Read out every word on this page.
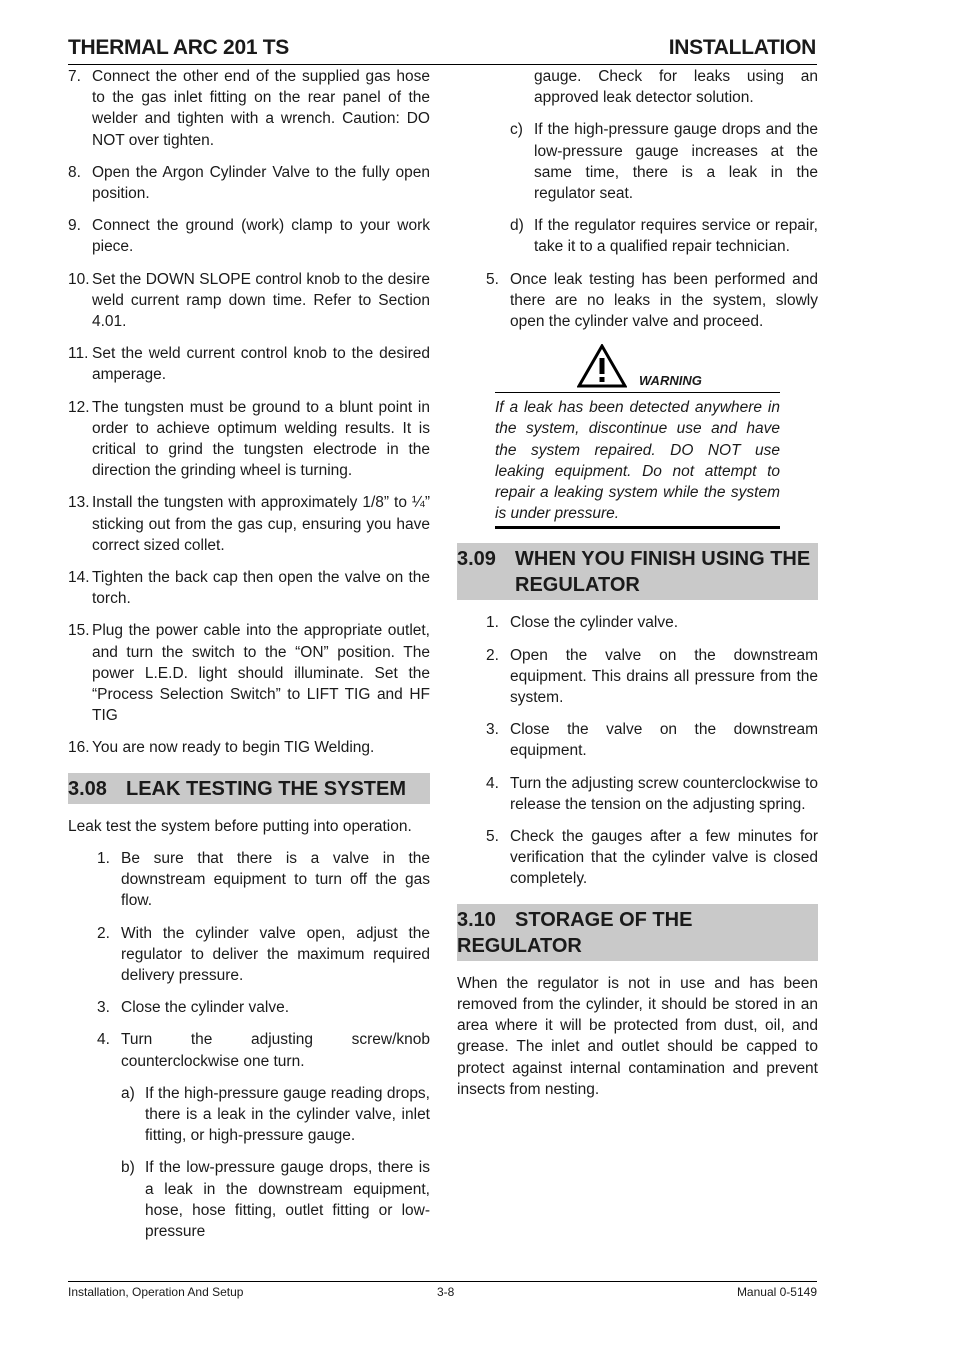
THERMAL ARC 201 TS	INSTALLATION
7. Connect the other end of the supplied gas hose to the gas inlet fitting on the rear panel of the welder and tighten with a wrench. Caution: DO NOT over tighten.
8. Open the Argon Cylinder Valve to the fully open position.
9. Connect the ground (work) clamp to your work piece.
10. Set the DOWN SLOPE control knob to the desire weld current ramp down time. Refer to Section 4.01.
11. Set the weld current control knob to the desired amperage.
12. The tungsten must be ground to a blunt point in order to achieve optimum welding results. It is critical to grind the tungsten electrode in the direction the grinding wheel is turning.
13. Install the tungsten with approximately 1/8” to ¼” sticking out from the gas cup, ensuring you have correct sized collet.
14. Tighten the back cap then open the valve on the torch.
15. Plug the power cable into the appropriate outlet, and turn the switch to the “ON” position. The power L.E.D. light should illuminate. Set the “Process Selection Switch” to LIFT TIG and HF TIG
16. You are now ready to begin TIG Welding.
3.08 LEAK TESTING THE SYSTEM
Leak test the system before putting into operation.
1. Be sure that there is a valve in the downstream equipment to turn off the gas flow.
2. With the cylinder valve open, adjust the regulator to deliver the maximum required delivery pressure.
3. Close the cylinder valve.
4. Turn the adjusting screw/knob counterclockwise one turn.
a) If the high-pressure gauge reading drops, there is a leak in the cylinder valve, inlet fitting, or high-pressure gauge.
b) If the low-pressure gauge drops, there is a leak in the downstream equipment, hose, hose fitting, outlet fitting or low-pressure
gauge. Check for leaks using an approved leak detector solution.
c) If the high-pressure gauge drops and the low-pressure gauge increases at the same time, there is a leak in the regulator seat.
d) If the regulator requires service or repair, take it to a qualified repair technician.
5. Once leak testing has been performed and there are no leaks in the system, slowly open the cylinder valve and proceed.
WARNING
If a leak has been detected anywhere in the system, discontinue use and have the system repaired. DO NOT use leaking equipment. Do not attempt to repair a leaking system while the system is under pressure.
3.09 WHEN YOU FINISH USING THE REGULATOR
1. Close the cylinder valve.
2. Open the valve on the downstream equipment. This drains all pressure from the system.
3. Close the valve on the downstream equipment.
4. Turn the adjusting screw counterclockwise to release the tension on the adjusting spring.
5. Check the gauges after a few minutes for verification that the cylinder valve is closed completely.
3.10 STORAGE OF THE REGULATOR
When the regulator is not in use and has been removed from the cylinder, it should be stored in an area where it will be protected from dust, oil, and grease. The inlet and outlet should be capped to protect against internal contamination and prevent insects from nesting.
Installation, Operation And Setup	3-8	Manual 0-5149
